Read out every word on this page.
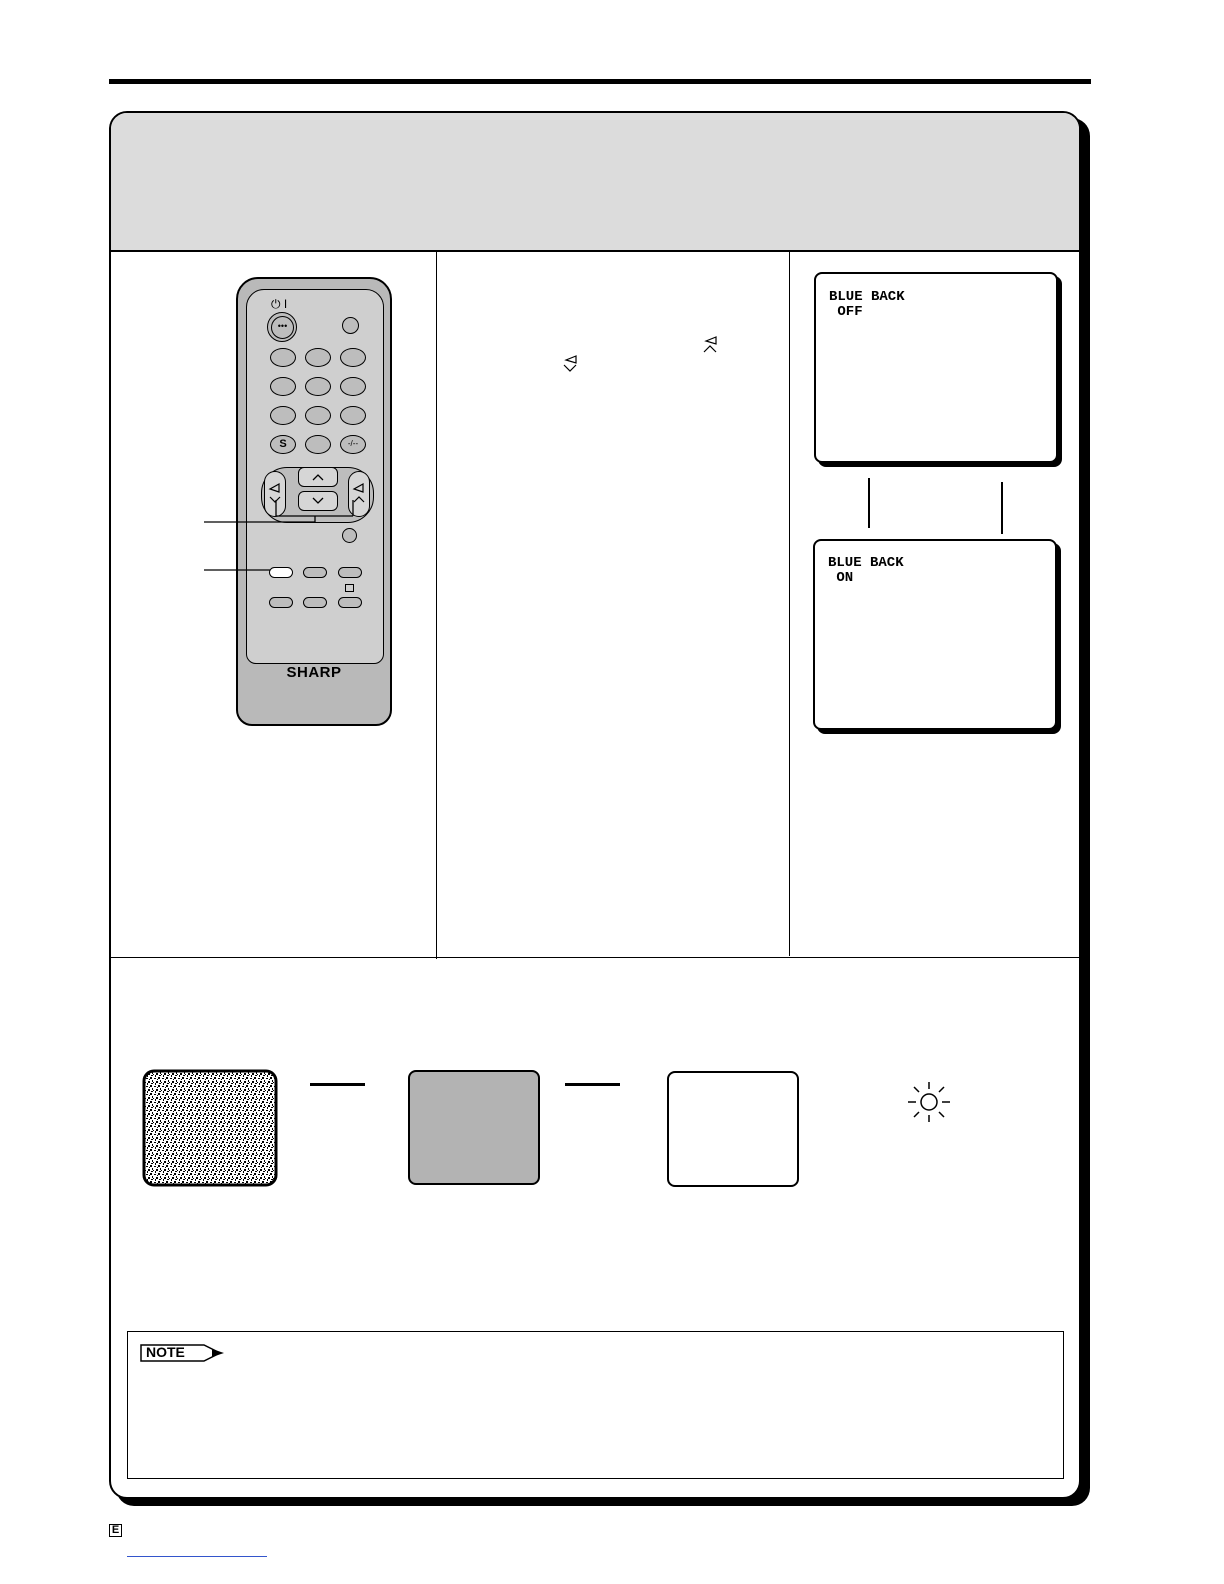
⏻ I
•••
S	-/--
SHARP
BLUE BACK
OFF
BLUE BACK
ON
NOTE
E
